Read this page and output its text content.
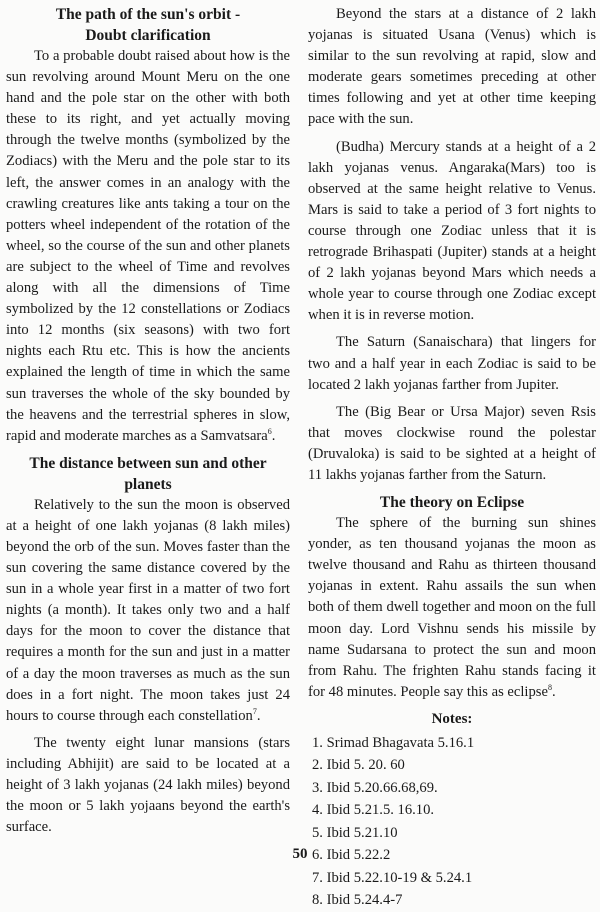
The path of the sun's orbit -
Doubt clarification

To a probable doubt raised about how is the sun revolving around Mount Meru on the one hand and the pole star on the other with both these to its right, and yet actually moving through the twelve months (symbolized by the Zodiacs) with the Meru and the pole star to its left, the answer comes in an analogy with the crawling creatures like ants taking a tour on the potters wheel independent of the rotation of the wheel, so the course of the sun and other planets are subject to the wheel of Time and revolves along with all the dimensions of Time symbolized by the 12 constellations or Zodiacs into 12 months (six seasons) with two fort nights each Rtu etc. This is how the ancients explained the length of time in which the same sun traverses the whole of the sky bounded by the heavens and the terrestrial spheres in slow, rapid and moderate marches as a Samvatsara$^6$.

The distance between sun and other
planets

Relatively to the sun the moon is observed at a height of one lakh yojanas (8 lakh miles) beyond the orb of the sun. Moves faster than the sun covering the same distance covered by the sun in a whole year first in a matter of two fort nights (a month). It takes only two and a half days for the moon to cover the distance that requires a month for the sun and just in a matter of a day the moon traverses as much as the sun does in a fort night. The moon takes just 24 hours to course through each constellation$^7$.

The twenty eight lunar mansions (stars including Abhijit) are said to be located at a height of 3 lakh yojanas (24 lakh miles) beyond the moon or 5 lakh yojaans beyond the earth's surface.

Beyond the stars at a distance of 2 lakh yojanas is situated Usana (Venus) which is similar to the sun revolving at rapid, slow and moderate gears sometimes preceding at other times following and yet at other time keeping pace with the sun.

(Budha) Mercury stands at a height of a 2 lakh yojanas venus. Angaraka(Mars) too is observed at the same height relative to Venus. Mars is said to take a period of 3 fort nights to course through one Zodiac unless that it is retrograde Brihaspati (Jupiter) stands at a height of 2 lakh yojanas beyond Mars which needs a whole year to course through one Zodiac except when it is in reverse motion.

The Saturn (Sanaischara) that lingers for two and a half year in each Zodiac is said to be located 2 lakh yojanas farther from Jupiter.

The (Big Bear or Ursa Major) seven Rsis that moves clockwise round the polestar (Druvaloka) is said to be sighted at a height of 11 lakhs yojanas farther from the Saturn.

The theory on Eclipse

The sphere of the burning sun shines yonder, as ten thousand yojanas the moon as twelve thousand and Rahu as thirteen thousand yojanas in extent. Rahu assails the sun when both of them dwell together and moon on the full moon day. Lord Vishnu sends his missile by name Sudarsana to protect the sun and moon from Rahu. The frighten Rahu stands facing it for 48 minutes. People say this as eclipse$^8$.

Notes:
1. Srimad Bhagavata 5.16.1
2. Ibid 5. 20. 60
3. Ibid 5.20.66.68,69.
4. Ibid 5.21.5. 16.10.
5. Ibid 5.21.10
6. Ibid 5.22.2
7. Ibid 5.22.10-19 & 5.24.1
8. Ibid 5.24.4-7
50
